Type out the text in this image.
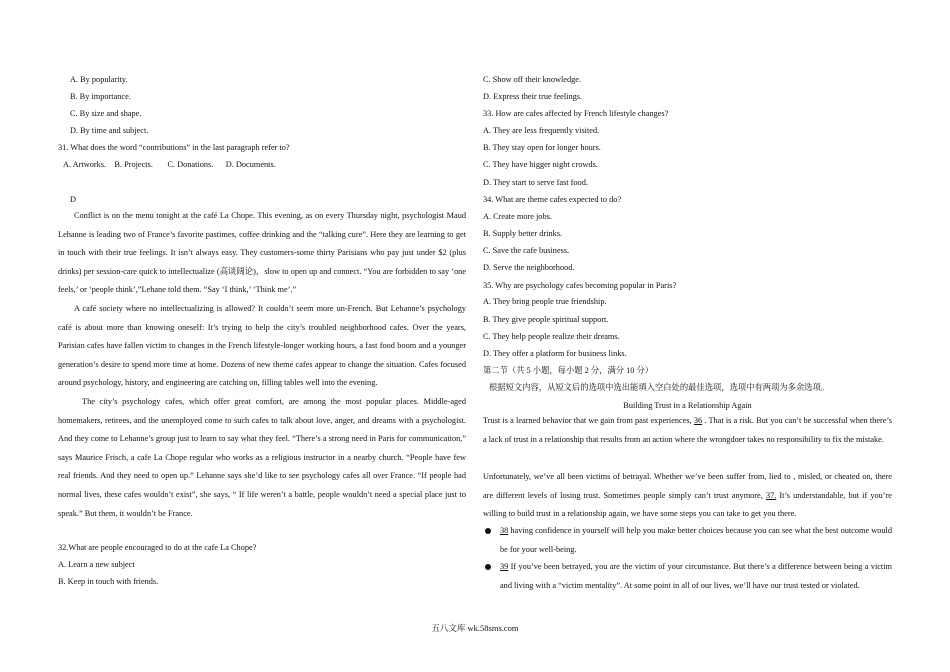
A. By popularity.
B. By importance.
C. By size and shape.
D. By time and subject.
31. What does the word “contributions” in the last paragraph refer to?
A. Artworks. B. Projects. C. Donations. D. Documents.
D

Conflict is on the menu tonight at the café La Chope. This evening, as on every Thursday night, psychologist Maud Lehanne is leading two of France’s favorite pastimes, coffee drinking and the “talking cure”. Here they are learning to get in touch with their true feelings. It isn’t always easy. They customers-some thirty Parisians who pay just under $2 (plus drinks) per session-care quick to intellectualize (高谈阔论)，slow to open up and connect. “You are forbidden to say ‘one feels,’ or ‘people think’,”Lehane told them. “Say ‘I think,’ ‘Think me’.”

A café society where no intellectualizing is allowed? It couldn’t seem more un-French. But Lehanne’s psychology café is about more than knowing oneself: It’s trying to help the city’s troubled neighborhood cafes. Over the years, Parisian cafes have fallen victim to changes in the French lifestyle-longer working hours, a fast food boom and a younger generation’s desire to spend more time at home. Dozens of new theme cafes appear to change the situation. Cafes focused around psychology, history, and engineering are catching on, filling tables well into the evening.

The city’s psychology cafes, which offer great comfort, are among the most popular places. Middle-aged homemakers, retirees, and the unemployed come to such cafes to talk about love, anger, and dreams with a psychologist. And they come to Lehanne’s group just to learn to say what they feel. “There’s a strong need in Paris for communication,” says Maurice Frisch, a cafe La Chope regular who works as a religious instructor in a nearby church. “People have few real friends. And they need to open up.” Lehanne says she’d like to see psychology cafes all over France. “If people had normal lives, these cafes wouldn’t exist”, she says, “ If life weren’t a battle, people wouldn’t need a special place just to speak.” But them, it wouldn’t be France.

32.What are people encouraged to do at the cafe La Chope?
A. Learn a new subject
B. Keep in touch with friends.
C. Show off their knowledge.
D. Express their true feelings.
33. How are cafes affected by French lifestyle changes?
A. They are less frequently visited.
B. They stay open for longer hours.
C. They have bigger night crowds.
D. They start to serve fast food.
34. What are theme cafes expected to do?
A. Create more jobs.
B. Supply better drinks.
C. Save the cafe business.
D. Serve the neighborhood.
35. Why are psychology cafes becoming popular in Paris?
A. They bring people true friendship.
B. They give people spiritual support.
C. They help people realize their dreams.
D. They offer a platform for business links.
第二节（共 5 小题，每小题 2 分，满分 10 分）
根据短文内容，从短文后的选项中选出能填入空白处的最佳选项，选项中有两项为多余选项。
Building Trust in a Relationship Again

Trust is a learned behavior that we gain from past experiences, 36 . That is a risk. But you can’t be successful when there’s a lack of trust in a relationship that results from an action where the wrongdoer takes no responsibility to fix the mistake.

Unfortunately, we’ve all been victims of betrayal. Whether we’ve been suffer from, lied to , misled, or cheated on, there are different levels of losing trust. Sometimes people simply can’t trust anymore, 37. It’s understandable, but if you’re willing to build trust in a relationship again, we have some steps you can take to get you there.

38 having confidence in yourself will help you make better choices because you can see what the best outcome would be for your well-being.

39 If you’ve been betrayed, you are the victim of your circumstance. But there’s a difference between being a victim and living with a “victim mentality”. At some point in all of our lives, we’ll have our trust tested or violated.

五八文库 wk.58sms.com
